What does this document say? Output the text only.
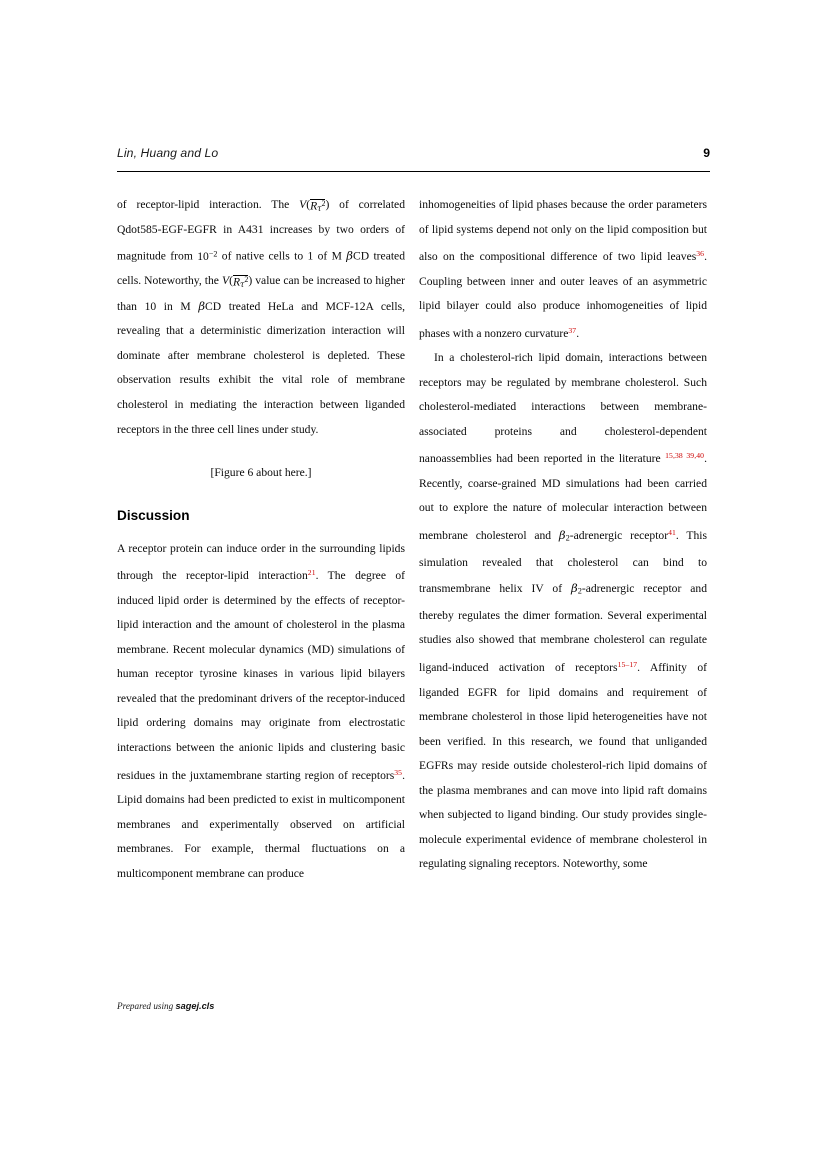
Lin, Huang and Lo	9

of receptor-lipid interaction. The $V(R_\tau^2)$ of correlated Qdot585-EGF-EGFR in A431 increases by two orders of magnitude from $10^{-2}$ of native cells to 1 of M βCD treated cells. Noteworthy, the $V(R_\tau^2)$ value can be increased to higher than 10 in M βCD treated HeLa and MCF-12A cells, revealing that a deterministic dimerization interaction will dominate after membrane cholesterol is depleted. These observation results exhibit the vital role of membrane cholesterol in mediating the interaction between liganded receptors in the three cell lines under study.

[Figure 6 about here.]

Discussion

A receptor protein can induce order in the surrounding lipids through the receptor-lipid interaction$^{21}$. The degree of induced lipid order is determined by the effects of receptor-lipid interaction and the amount of cholesterol in the plasma membrane. Recent molecular dynamics (MD) simulations of human receptor tyrosine kinases in various lipid bilayers revealed that the predominant drivers of the receptor-induced lipid ordering domains may originate from electrostatic interactions between the anionic lipids and clustering basic residues in the juxtamembrane starting region of receptors$^{35}$. Lipid domains had been predicted to exist in multicomponent membranes and experimentally observed on artificial membranes. For example, thermal fluctuations on a multicomponent membrane can produce

inhomogeneities of lipid phases because the order parameters of lipid systems depend not only on the lipid composition but also on the compositional difference of two lipid leaves$^{36}$. Coupling between inner and outer leaves of an asymmetric lipid bilayer could also produce inhomogeneities of lipid phases with a nonzero curvature$^{37}$.

In a cholesterol-rich lipid domain, interactions between receptors may be regulated by membrane cholesterol. Such cholesterol-mediated interactions between membrane-associated proteins and cholesterol-dependent nanoassemblies had been reported in the literature $^{15,38 39,40}$. Recently, coarse-grained MD simulations had been carried out to explore the nature of molecular interaction between membrane cholesterol and $\beta_2$-adrenergic receptor$^{41}$. This simulation revealed that cholesterol can bind to transmembrane helix IV of $\beta_2$-adrenergic receptor and thereby regulates the dimer formation. Several experimental studies also showed that membrane cholesterol can regulate ligand-induced activation of receptors$^{15-17}$. Affinity of liganded EGFR for lipid domains and requirement of membrane cholesterol in those lipid heterogeneities have not been verified. In this research, we found that unliganded EGFRs may reside outside cholesterol-rich lipid domains of the plasma membranes and can move into lipid raft domains when subjected to ligand binding. Our study provides single-molecule experimental evidence of membrane cholesterol in regulating signaling receptors. Noteworthy, some

Prepared using sagej.cls
